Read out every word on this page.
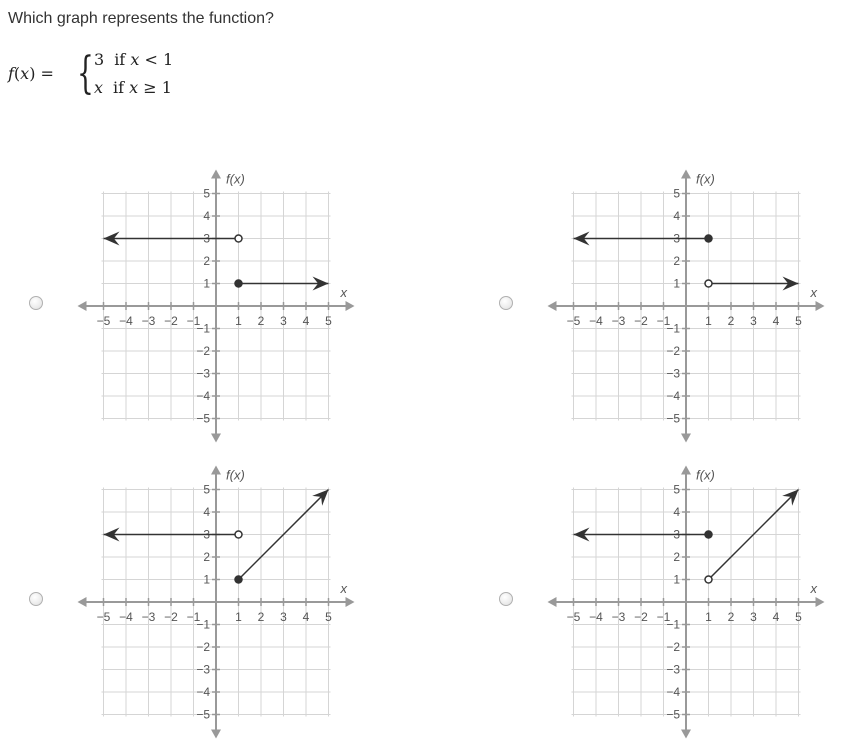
Which graph represents the function?
f(x) = { 3 if x < 1
x if x ≥ 1
−5 −4 −3 −2 −1	1 2 3 4 5
5
4
3
2
1
−1
−2
−3
−4
−5
f(x)
x
−5 −4 −3 −2 −1	1 2 3 4 5
5
4
3
2
1
−1
−2
−3
−4
−5
f(x)
x
−5 −4 −3 −2 −1	1 2 3 4 5
5
4
3
2
1
−1
−2
−3
−4
−5
f(x)
x
−5 −4 −3 −2 −1	1 2 3 4 5
5
4
3
2
1
−1
−2
−3
−4
−5
f(x)
x
